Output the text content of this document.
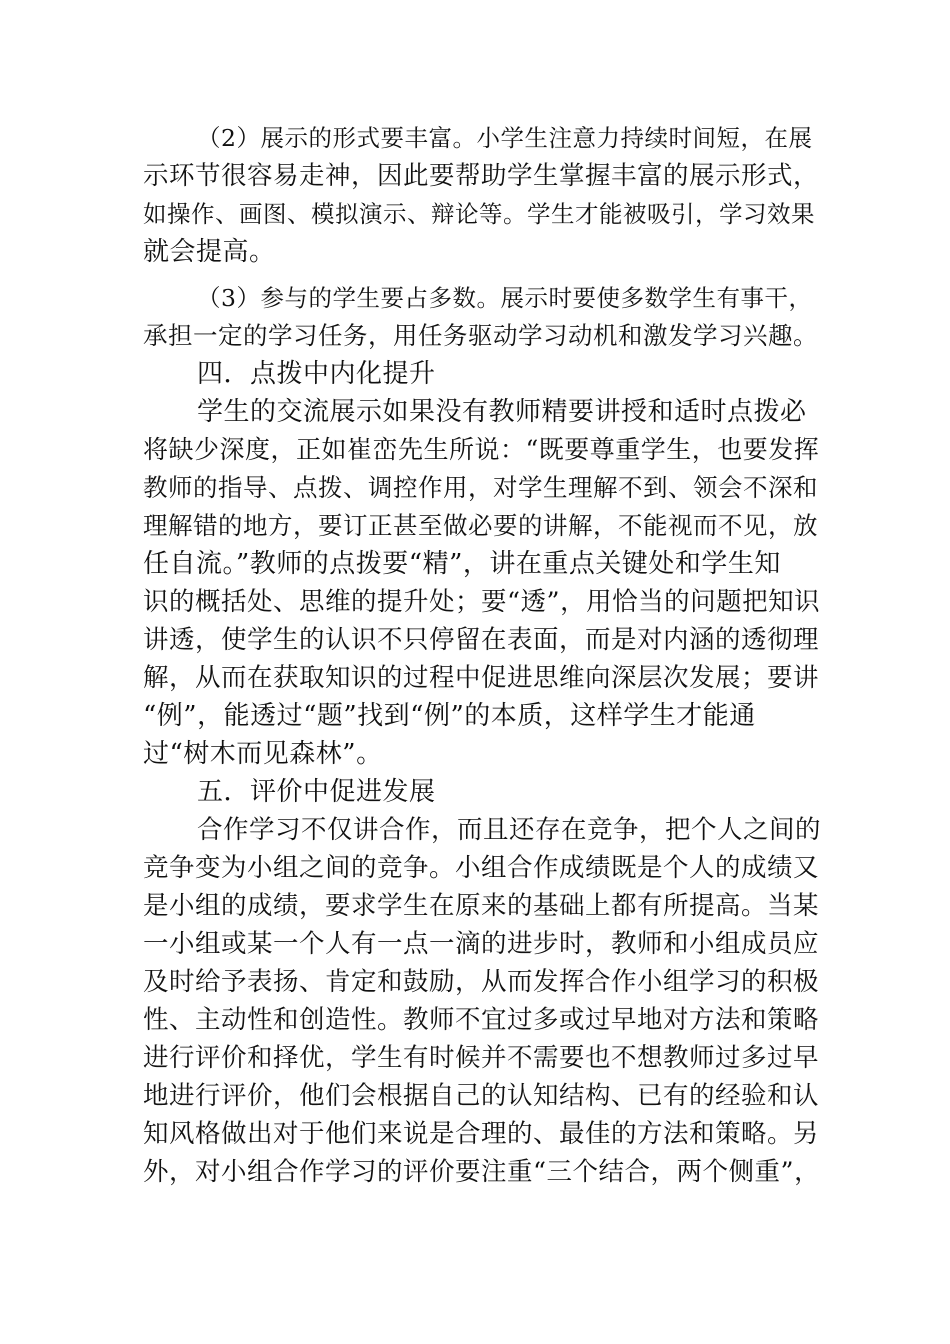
（2）展示的形式要丰富。小学生注意力持续时间短，在展
示环节很容易走神，因此要帮助学生掌握丰富的展示形式，
如操作、画图、模拟演示、辩论等。学生才能被吸引，学习效果
就会提高。
（3）参与的学生要占多数。展示时要使多数学生有事干，
承担一定的学习任务，用任务驱动学习动机和激发学习兴趣。
四．点拨中内化提升
学生的交流展示如果没有教师精要讲授和适时点拨必
将缺少深度，正如崔峦先生所说：“既要尊重学生，也要发挥
教师的指导、点拨、调控作用，对学生理解不到、领会不深和
理解错的地方，要订正甚至做必要的讲解，不能视而不见，放
任自流。”教师的点拨要“精”，讲在重点关键处和学生知
识的概括处、思维的提升处；要“透”，用恰当的问题把知识
讲透，使学生的认识不只停留在表面，而是对内涵的透彻理
解，从而在获取知识的过程中促进思维向深层次发展；要讲
“例”，能透过“题”找到“例”的本质，这样学生才能通
过“树木而见森林”。
五．评价中促进发展
合作学习不仅讲合作，而且还存在竞争，把个人之间的
竞争变为小组之间的竞争。小组合作成绩既是个人的成绩又
是小组的成绩，要求学生在原来的基础上都有所提高。当某
一小组或某一个人有一点一滴的进步时，教师和小组成员应
及时给予表扬、肯定和鼓励，从而发挥合作小组学习的积极
性、主动性和创造性。教师不宜过多或过早地对方法和策略
进行评价和择优，学生有时候并不需要也不想教师过多过早
地进行评价，他们会根据自己的认知结构、已有的经验和认
知风格做出对于他们来说是合理的、最佳的方法和策略。另
外，对小组合作学习的评价要注重“三个结合，两个侧重”，
